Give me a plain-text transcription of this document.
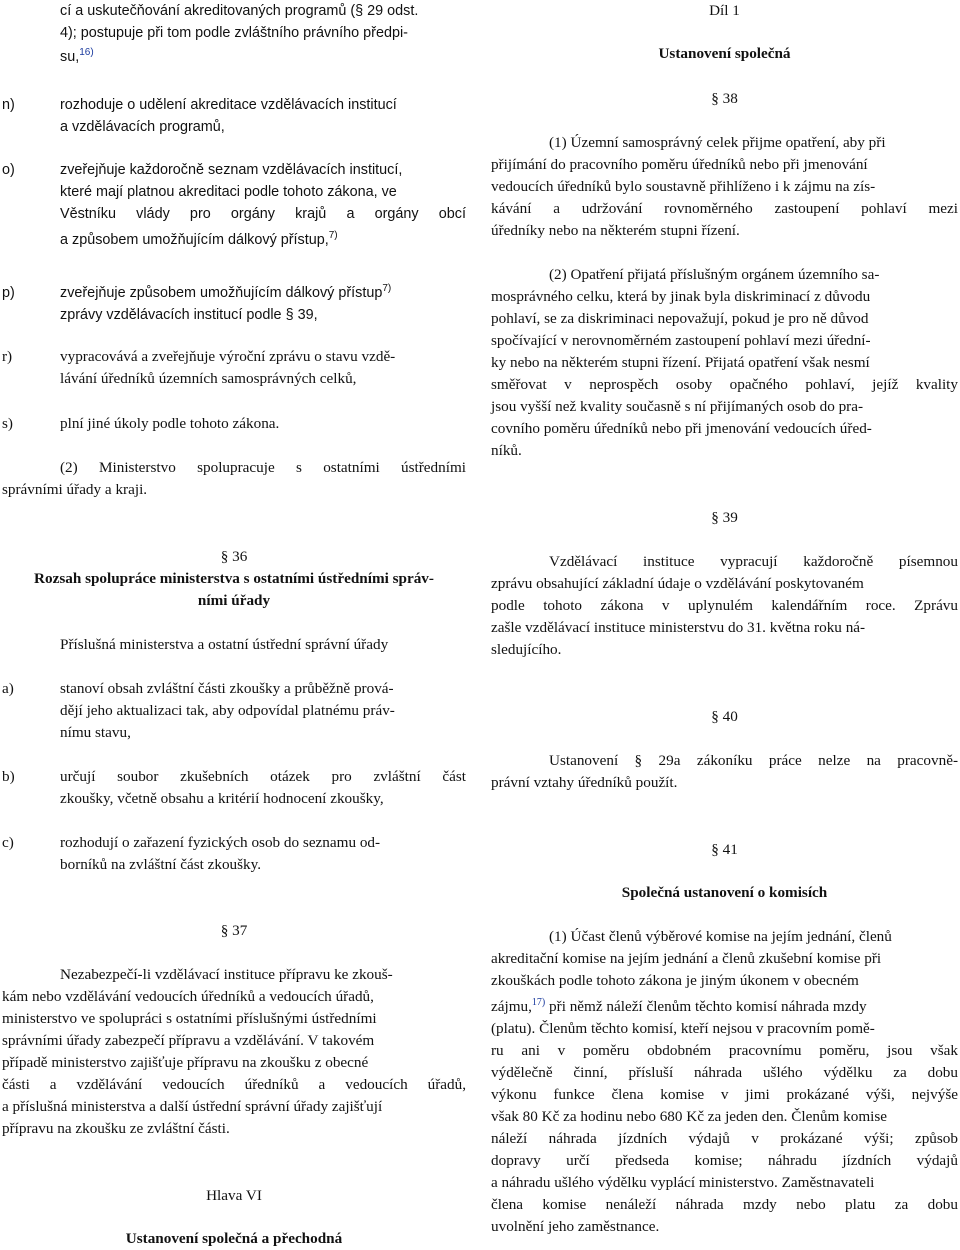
cí a uskutečňování akreditovaných programů (§ 29 odst.
4); postupuje při tom podle zvláštního právního předpi-
su,$^{16)}$
n)	rozhoduje o udělení akreditace vzdělávacích institucí
a vzdělávacích programů,
o)	zveřejňuje každoročně seznam vzdělávacích institucí,
které mají platnou akreditaci podle tohoto zákona, ve
Věstníku vlády pro orgány krajů a orgány obcí
a způsobem umožňujícím dálkový přístup,$^{7)}$
p)	zveřejňuje způsobem umožňujícím dálkový přístup$^{7)}$
zprávy vzdělávacích institucí podle § 39,
r)	vypracovává a zveřejňuje výroční zprávu o stavu vzdě-
lávání úředníků územních samosprávných celků,
s)	plní jiné úkoly podle tohoto zákona.
(2) Ministerstvo spolupracuje s ostatními ústředními
správními úřady a kraji.
§ 36
Rozsah spolupráce ministerstva s ostatními ústředními správ-
ními úřady
Příslušná ministerstva a ostatní ústřední správní úřady
a)	stanoví obsah zvláštní části zkoušky a průběžně prová-
dějí jeho aktualizaci tak, aby odpovídal platnému práv-
nímu stavu,
b)	určují soubor zkušebních otázek pro zvláštní část
zkoušky, včetně obsahu a kritérií hodnocení zkoušky,
c)	rozhodují o zařazení fyzických osob do seznamu od-
borníků na zvláštní část zkoušky.
§ 37
Nezabezpečí-li vzdělávací instituce přípravu ke zkouš-
kám nebo vzdělávání vedoucích úředníků a vedoucích úřadů,
ministerstvo ve spolupráci s ostatními příslušnými ústředními
správními úřady zabezpečí přípravu a vzdělávání. V takovém
případě ministerstvo zajišťuje přípravu na zkoušku z obecné
části a vzdělávání vedoucích úředníků a vedoucích úřadů,
a příslušná ministerstva a další ústřední správní úřady zajišťují
přípravu na zkoušku ze zvláštní části.
Hlava VI
Ustanovení společná a přechodná
Díl 1
Ustanovení společná
§ 38
(1) Územní samosprávný celek přijme opatření, aby při
přijímání do pracovního poměru úředníků nebo při jmenování
vedoucích úředníků bylo soustavně přihlíženo i k zájmu na zís-
kávání a udržování rovnoměrného zastoupení pohlaví mezi
úředníky nebo na některém stupni řízení.
(2) Opatření přijatá příslušným orgánem územního sa-
mosprávného celku, která by jinak byla diskriminací z důvodu
pohlaví, se za diskriminaci nepovažují, pokud je pro ně důvod
spočívající v nerovnoměrném zastoupení pohlaví mezi úřední-
ky nebo na některém stupni řízení. Přijatá opatření však nesmí
směřovat v neprospěch osoby opačného pohlaví, jejíž kvality
jsou vyšší než kvality současně s ní přijímaných osob do pra-
covního poměru úředníků nebo při jmenování vedoucích úřed-
níků.
§ 39
Vzdělávací instituce vypracují každoročně písemnou
zprávu obsahující základní údaje o vzdělávání poskytovaném
podle tohoto zákona v uplynulém kalendářním roce. Zprávu
zašle vzdělávací instituce ministerstvu do 31. května roku ná-
sledujícího.
§ 40
Ustanovení § 29a zákoníku práce nelze na pracovně-
právní vztahy úředníků použít.
§ 41
Společná ustanovení o komisích
(1) Účast členů výběrové komise na jejím jednání, členů
akreditační komise na jejím jednání a členů zkušební komise při
zkouškách podle tohoto zákona je jiným úkonem v obecném
zájmu,$^{17)}$ při němž náleží členům těchto komisí náhrada mzdy
(platu). Členům těchto komisí, kteří nejsou v pracovním pomě-
ru ani v poměru obdobném pracovnímu poměru, jsou však
výdělečně činní, přísluší náhrada ušlého výdělku za dobu
výkonu funkce člena komise v jimi prokázané výši, nejvýše
však 80 Kč za hodinu nebo 680 Kč za jeden den. Členům komise
náleží náhrada jízdních výdajů v prokázané výši; způsob
dopravy určí předseda komise; náhradu jízdních výdajů
a náhradu ušlého výdělku vyplácí ministerstvo. Zaměstnavateli
člena komise nenáleží náhrada mzdy nebo platu za dobu
uvolnění jeho zaměstnance.
